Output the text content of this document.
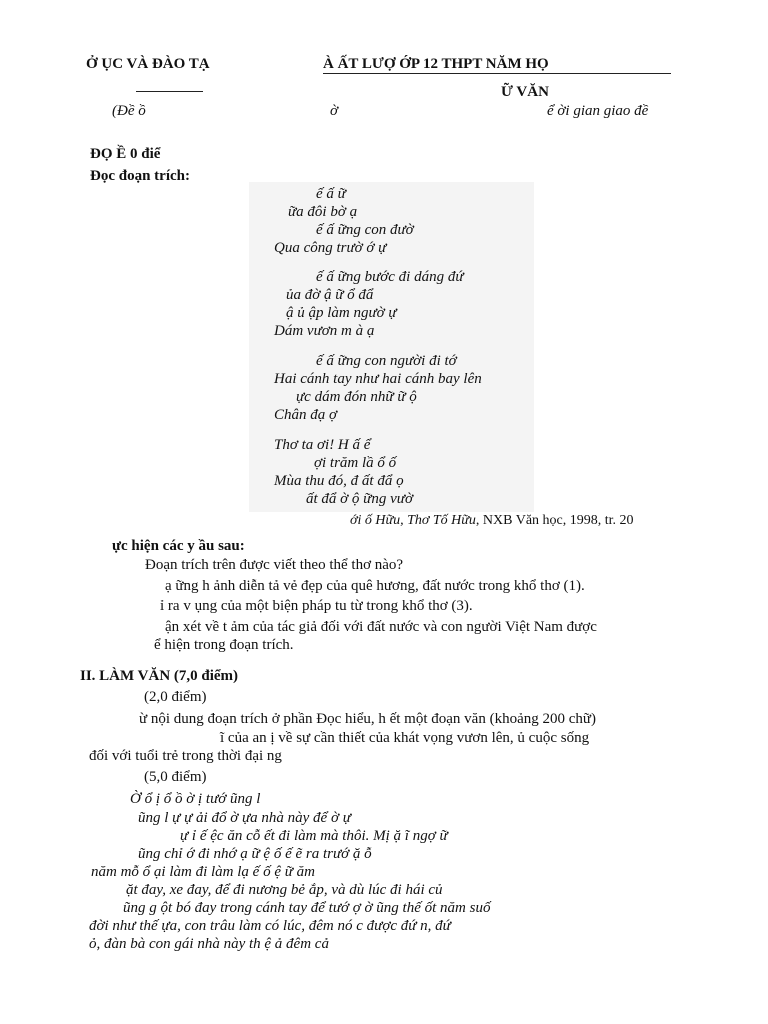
Ở ỤC VÀ ĐÀO TẠ	À ẤT LƯỢ ỚP 12 THPT NĂM HỌ
Ữ VĂN
(Đề ồ	ờ	ể ời gian giao đề
ĐỌ Ề 0 điể
Đọc đoạn trích:
ế ấ ữ
ữa đôi bờ ạ
ế ấ ững con đườ
Qua công trườ ớ ự
ế ấ ững bước đi dáng đứ
ủa đờ ậ ữ ổ đẩ
ậ ủ ập làm ngườ ự
Dám vươn m à ạ
ế ấ ững con người đi tớ
Hai cánh tay như hai cánh bay lên
ực dám đón nhữ ữ ộ
Chân đạ ợ
Thơ ta ơi! H ấ ể
ợi trăm lầ ổ ố
Mùa thu đó, đ ất đẩ ọ
ất đẩ ờ ộ ững vườ
ới ố Hữu, Thơ Tố Hữu, NXB Văn học, 1998, tr. 20
ực hiện các y ầu sau:
Đoạn trích trên được viết theo thể thơ nào?
ạ ững h ảnh diễn tả vẻ đẹp của quê hương, đất nước trong khổ thơ (1).
ỉ ra v ụng của một biện pháp tu từ trong khổ thơ (3).
ận xét về t ảm của tác giả đối với đất nước và con người Việt Nam được
ể hiện trong đoạn trích.
II. LÀM VĂN (7,0 điểm)
(2,0 điểm)
ừ nội dung đoạn trích ở phần Đọc hiểu, h ết một đoạn văn (khoảng 200 chữ)
ĩ của an ị về sự cần thiết của khát vọng vươn lên, ủ cuộc sống
đối với tuổi trẻ trong thời đại ng
(5,0 điểm)
Ờ ổ ị ổ ồ ờ ị tướ ũng l
ũng l ự ự ải đổ ờ ựa nhà này để ờ ự
ự ỉ ế ệc ăn cỗ ết đi làm mà thôi. Mị ặ ĩ ngợ ữ
ũng chỉ ớ đi nhớ ạ ữ ệ ố ế ẽ ra trướ ặ ỗ
năm mỗ ổ ại làm đi làm lạ ế ố ệ ữ ăm
ặt đay, xe đay, để đi nương bẻ ắp, và dù lúc đi hái củ
ũng g ột bó đay trong cánh tay để tướ ợ ờ ũng thế ốt năm suố
đời như thế ựa, con trâu làm có lúc, đêm nó c được đứ n, đứ
ỏ, đàn bà con gái nhà này th ệ ả đêm cả
